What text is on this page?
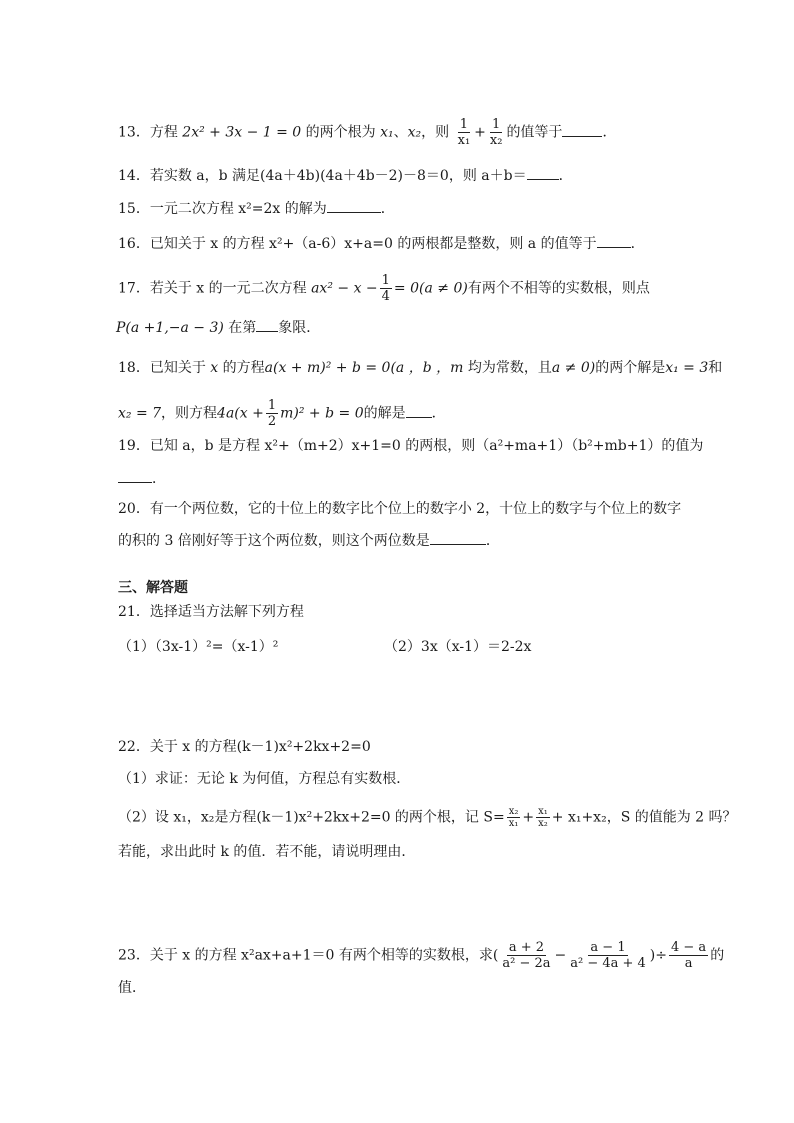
13．方程 2x² + 3x − 1 = 0 的两个根为 x₁、x₂，则 $\frac{1}{\text{x₁}} + \frac{1}{\text{x₂}}$ 的值等于	．
14．若实数 a，b 满足(4a＋4b)(4a＋4b－2)－8＝0，则 a＋b＝ ．
15．一元二次方程 x²=2x 的解为	．
16．已知关于 x 的方程 x²+（a-6）x+a=0 的两根都是整数，则 a 的值等于 ．
17．若关于 x 的一元二次方程 $ax^2 - x - \frac{1}{4} = 0(a \ne 0)$有两个不相等的实数根，则点
P(a +1,−a − 3) 在第 象限．
18．已知关于 x 的方程a(x + m)² + b = 0(a ，b ，m 均为常数，且a ≠ 0)的两个解是x₁ = 3和
x₂ = 7，则方程$4a(x + \frac{1}{2} m)^2 + b = 0$的解是 ．
19．已知 a，b 是方程 x²+（m+2）x+1=0 的两根，则（a²+ma+1）（b²+mb+1）的值为
．
20．有一个两位数，它的十位上的数字比个位上的数字小 2，十位上的数字与个位上的数字
的积的 3 倍刚好等于这个两位数，则这个两位数是	．
三、解答题
21．选择适当方法解下列方程
（1）（3x-1）²=（x-1）²	（2）3x（x-1）＝2-2x
22．关于 x 的方程(k－1)x²+2kx+2=0
（1）求证：无论 k 为何值，方程总有实数根．
（2）设 x₁，x₂是方程(k－1)x²+2kx+2=0 的两个根，记 $S= \frac{\text{x₂}}{\text{x₁}} + \frac{\text{x₁}}{\text{x₂}} + x_1+x_2$，S 的值能为 2 吗？
若能，求出此时 k 的值．若不能，请说明理由．
23．关于 x 的方程 x²ax+a+1＝0 有两个相等的实数根，求( $\frac{a + 2}{\text{a² − 2a}} - \frac{a - 1}{\text{a² − 4a + 4}}$ )÷ $\frac{4 - a}{a}$ 的
值．
